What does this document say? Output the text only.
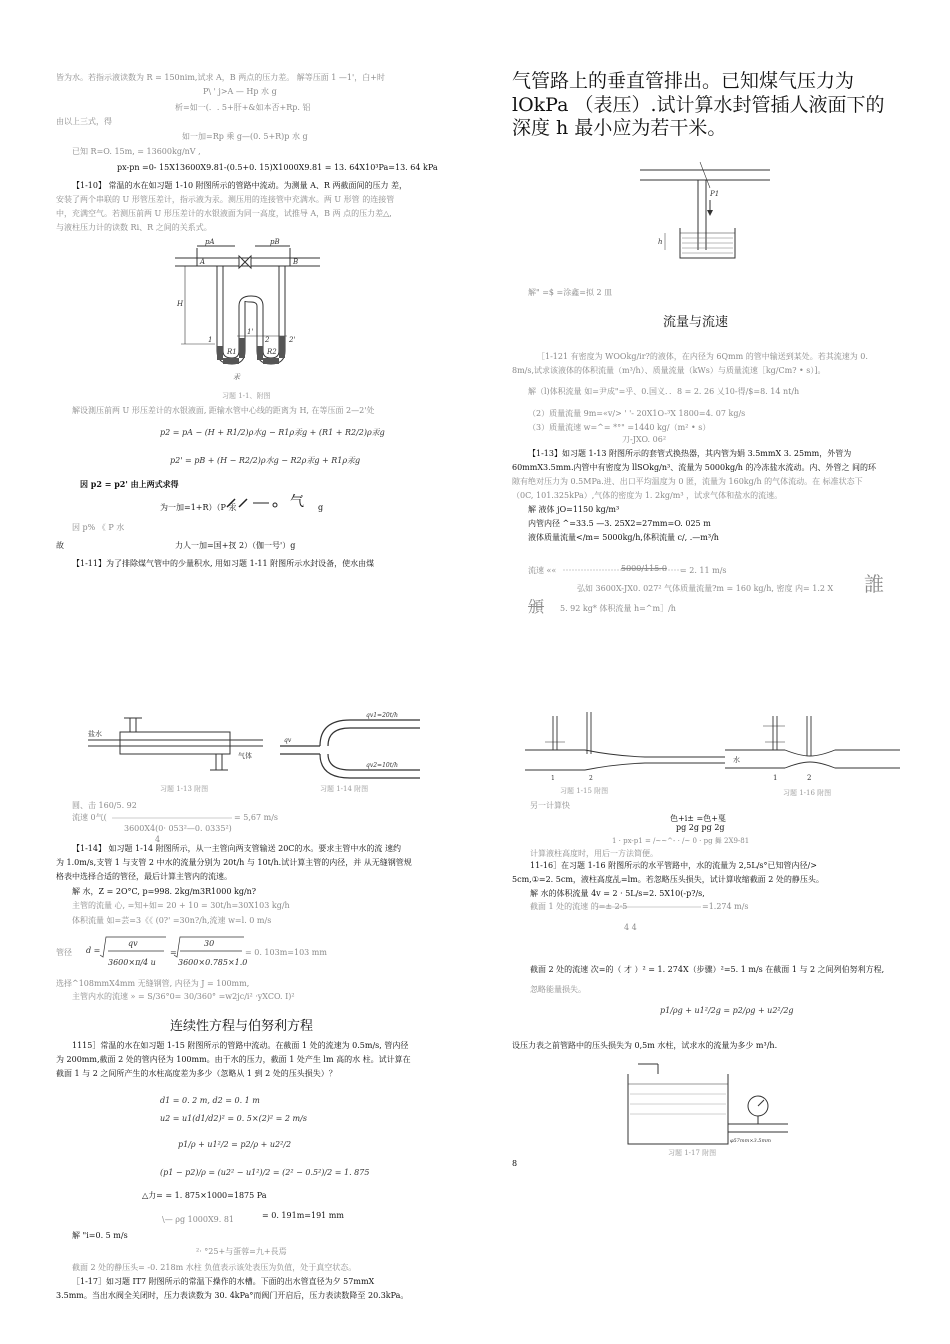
皆为水。若指示液读数为 R = 150nim,试求 A，B 两点的压力差。 解等压面 1 —1'，白+时
P\ ' j>A — Hp 水 g
析=如一(．. 5+肝+&如本否+Rp. 铝
由以上三式，得
如一加=Rp 乘 g—(0. 5+R)p 水 g
已知 R=O. 15m, = 13600kg/nV ,
px-pn =0- 15X13600X9.81-(0.5+0. 15)X1000X9.81 = 13. 64X10³Pa=13. 64 kPa
【1-10】 常温的水在如习题 1-10 附图所示的管路中流动。为测量 A、R 两截面间的压力 差，
安装了两个串联的 U 形管压差计，指示液为汞。测压用的连接管中充满水。两 U 形管 的连接管
中，充满空气。若测压前两 U 形压差计的水银液面为同一高度，试推导 A，B 两 点的压力差△,
与液柱压力计的读数 Ri、R 之间的关系式。
pA	pB
A	B
H
1
1'
2	2'
R1	R2
汞
习题 1-1、附图
解设測压前两 U 形压差计的水银液面, 距输水管中心线的距离为 H, 在等压面 2—2'处
p2 = pA − (H + R1/2)ρ水g − R1ρ汞g + (R1 + R2/2)ρ汞g
p2' = pB + (H − R2/2)ρ水g − R2ρ汞g + R1ρ汞g
因 p2 = p2' 由上两式求得
为一加=1+R）（P 汞	气 g
因 p% 《 P 水
故	力人一加=国+扠 2）（伽一号'）g
【1-11】为了排除煤气管中的少量积水, 用如习题 1-11 附图所示水封设备，使水由煤
气管路上的垂直管排出。已知煤气压力为
lOkPa （表压）.试计算水封管插人液面下的
深度 h 最小应为若干米。
P1
h
解" =$ =涂鑫=拟 2 皿
流量与流速
［1-121 有密度为 WOOkg/ir?的液体，在内径为 6Qmm 的管中输送到某处。若其流速为 0.
8m/s,试求该液体的体积流量（m³/h）、质量流量（kWs）与质量流速［kg/Cm? • s）]。
解（l)体积流量 如=尹成"=乎、0.国义．．8 = 2. 26 乂10-得/$=8. 14 nt/h
（2）质量流量 9m=«v/> ' '- 20X1O-³X 1800=4. 07 kg/s
（3）质量流速 w=^= *°" =1440 kg/（m² • s）
刀-JXO. 06²
【1-13】如习题 1-13 附图所示的套管式换热器，其内管为娟 3.5mmX 3. 25mm，外管为
60mmX3.5mm.内管中有密度为 llSOkg/n³、流量为 5000kg/h 的冷冻盐水流动。内、外管之 间的环
隙有绝对压力为 0.5MPa.进、出口平均温度为 0 匿，流量为 160kg/h 的气体流动。在 标准状态下
（0C, 101.325kPa）,气体的密度为 1. 2kg/m³ ，试求气体和盐水的流速。
解 液体 jO=1150 kg/m³
内管内径 ^=33.5 —3. 25X2=27mm=O. 025 m
液体质量流量</m= 5000kg/h,体积流量 c/, .—m³/h
流速 ««	5000/115 0 = 2. 11 m/s
弘如 3600X-JX0. 027² 气体质量流量?m = 160 kg/h, 密度 内= 1.2 X 誰
頒 5. 92 kg* 体积流量 h=^m］/h
盐水
气体
习题 1-13 附图
qv1=20t/h
qv
qv2=10t/h
习题 1-14 附图
圆、击 160/5. 92
流速 0气(	= 5,67 m/s
3600X4(0· 053²—0. 0335²)
4
【1-14】 如习题 1-14 附图所示，从一主管向两支管输送 20C的水。要求主管中水的流 速约
为 1.0m/s,支管 1 与支管 2 中水的流量分别为 20t/h 与 10t/h.试计算主管的内径，并 从无缝钢管规
格表中选择合适的管径，最后计算主管内的流速。
解 水，Z = 2O°C, p=998. 2kg/m3R1000 kg/n?
主管的流量 心, =知+如= 20 + 10 = 30t/h=30X103 kg/h
体积流量 如=芸=3《《 (0?' =30n?/h,流速 w=l. 0 m/s
管径 d =
qv
3600×π/4 u
30
3600×0.785×1.0
=	= 0. 103m=103 mm
选择^108mmX4mm 无缝钢管, 内径为 J = 100mm,
主管内水的流速 » = S/36°0= 30/360° =w2jc/i² ·yXCO. I)²
连续性方程与伯努利方程
1115］常温的水在如习题 1-15 附图所示的管路中流动。在截面 1 处的流速为 0.5m/s, 管内径
为 200mm,截面 2 处的管内径为 100mm。由于水的压力，截面 1 处产生 lm 高的水 柱。试计算在
截面 1 与 2 之间所产生的水柱高度差为多少（忽略从 1 到 2 处的压头损失）？
d1 = 0. 2 m, d2 = 0. 1 m
u2 = u1(d1/d2)² = 0. 5×(2)² = 2 m/s
p1/ρ + u1²/2 = p2/ρ + u2²/2
(p1 − p2)/ρ = (u2² − u1²)/2 = (2² − 0.5²)/2 = 1. 875
△力= = 1. 875×1000=1875 Pa
\— ρg 1000X9. 81	= 0. 191m=191 mm
解 "i=0. 5 m/s
²· °25+与蛋蓉=九+長焉
截面 2 处的静压头= -0. 218m 水柱 负值表示该处表压为负值，处于真空状态。
［1-17］如习题 IT7 附图所示的常温下操作的水槽。下面的出水管直径为夕 57mmX
3.5mm。当出水阀全关闭时，压力表读数为 30. 4kPa°而阀门开启后，压力表读数降至 20.3kPa。
1	2
习题 1-15 附图
水
1	2
习题 1-16 附图
另一计算快
色+i± =色+戛
pg 2g pg 2g
1 · px-p1 = /~~^- · /~ 0 · pg 舞 2X9-81
计算液柱高度时，用后一方法简便。
11-16］在习题 1-16 附图所示的水平管路中，水的流量为 2,5L/s°已知管内径/>
5cm,①=2. 5cm，液柱高度乩=lm。若忽略压头损失，试计算收缩截面 2 处的静压头。
解 水的体积流量 4v = 2 · 5L/s=2. 5X10(-p?/s,
截面 1 处的流速 的=± 2·5	=1.274 m/s
4 4
截面 2 处的流速 次=的（ 才 ）² = 1. 274X（步骤）²=5. 1 m/s 在截面 1 与 2 之间列伯努利方程,
忽略能量损失。
p1/ρg + u1²/2g = p2/ρg + u2²/2g
设压力表之前管路中的压头损失为 0,5m 水柱，试求水的流量为多少 m³/h.
φ57mm×3.5mm
习题 1-17 附图
8
